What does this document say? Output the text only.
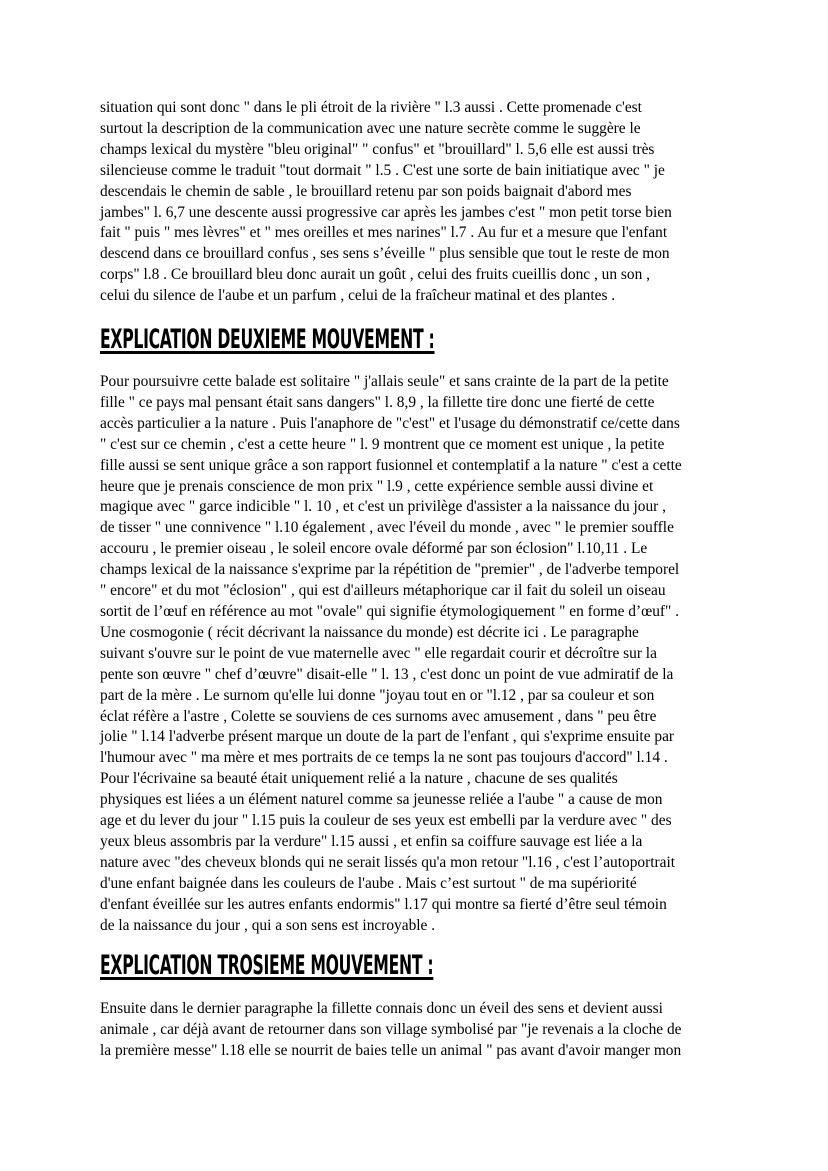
situation qui sont donc " dans le pli étroit de la rivière " l.3 aussi . Cette promenade c'est
surtout la description de la communication avec une nature secrète comme le suggère le
champs lexical du mystère "bleu original" " confus" et "brouillard" l. 5,6 elle est aussi très
silencieuse comme le traduit "tout dormait " l.5 . C'est une sorte de bain initiatique avec " je
descendais le chemin de sable , le brouillard retenu par son poids baignait d'abord mes
jambes" l. 6,7 une descente aussi progressive car après les jambes c'est " mon petit torse bien
fait " puis " mes lèvres" et " mes oreilles et mes narines" l.7 . Au fur et a mesure que l'enfant
descend dans ce brouillard confus , ses sens s’éveille " plus sensible que tout le reste de mon
corps" l.8 . Ce brouillard bleu donc aurait un goût , celui des fruits cueillis donc , un son ,
celui du silence de l'aube et un parfum , celui de la fraîcheur matinal et des plantes .

EXPLICATION DEUXIEME MOUVEMENT :

Pour poursuivre cette balade est solitaire " j'allais seule" et sans crainte de la part de la petite
fille " ce pays mal pensant était sans dangers" l. 8,9 , la fillette tire donc une fierté de cette
accès particulier a la nature . Puis l'anaphore de "c'est" et l'usage du démonstratif ce/cette dans
" c'est sur ce chemin , c'est a cette heure " l. 9 montrent que ce moment est unique , la petite
fille aussi se sent unique grâce a son rapport fusionnel et contemplatif a la nature " c'est a cette
heure que je prenais conscience de mon prix " l.9 , cette expérience semble aussi divine et
magique avec " garce indicible " l. 10 , et c'est un privilège d'assister a la naissance du jour ,
de tisser " une connivence " l.10 également , avec l'éveil du monde , avec " le premier souffle
accouru , le premier oiseau , le soleil encore ovale déformé par son éclosion" l.10,11 . Le
champs lexical de la naissance s'exprime par la répétition de "premier" , de l'adverbe temporel
" encore" et du mot "éclosion" , qui est d'ailleurs métaphorique car il fait du soleil un oiseau
sortit de l’œuf en référence au mot "ovale" qui signifie étymologiquement " en forme d’œuf" .
Une cosmogonie ( récit décrivant la naissance du monde) est décrite ici . Le paragraphe
suivant s'ouvre sur le point de vue maternelle avec " elle regardait courir et décroître sur la
pente son œuvre " chef d’œuvre" disait-elle " l. 13 , c'est donc un point de vue admiratif de la
part de la mère . Le surnom qu'elle lui donne "joyau tout en or "l.12 , par sa couleur et son
éclat réfère a l'astre , Colette se souviens de ces surnoms avec amusement , dans " peu être
jolie " l.14 l'adverbe présent marque un doute de la part de l'enfant , qui s'exprime ensuite par
l'humour avec " ma mère et mes portraits de ce temps la ne sont pas toujours d'accord" l.14 .
Pour l'écrivaine sa beauté était uniquement relié a la nature , chacune de ses qualités
physiques est liées a un élément naturel comme sa jeunesse reliée a l'aube " a cause de mon
age et du lever du jour " l.15 puis la couleur de ses yeux est embelli par la verdure avec " des
yeux bleus assombris par la verdure" l.15 aussi , et enfin sa coiffure sauvage est liée a la
nature avec "des cheveux blonds qui ne serait lissés qu'a mon retour "l.16 , c'est l’autoportrait
d'une enfant baignée dans les couleurs de l'aube . Mais c’est surtout " de ma supériorité
d'enfant éveillée sur les autres enfants endormis" l.17 qui montre sa fierté d’être seul témoin
de la naissance du jour , qui a son sens est incroyable .

EXPLICATION TROSIEME MOUVEMENT :

Ensuite dans le dernier paragraphe la fillette connais donc un éveil des sens et devient aussi
animale , car déjà avant de retourner dans son village symbolisé par "je revenais a la cloche de
la première messe" l.18 elle se nourrit de baies telle un animal " pas avant d'avoir manger mon
